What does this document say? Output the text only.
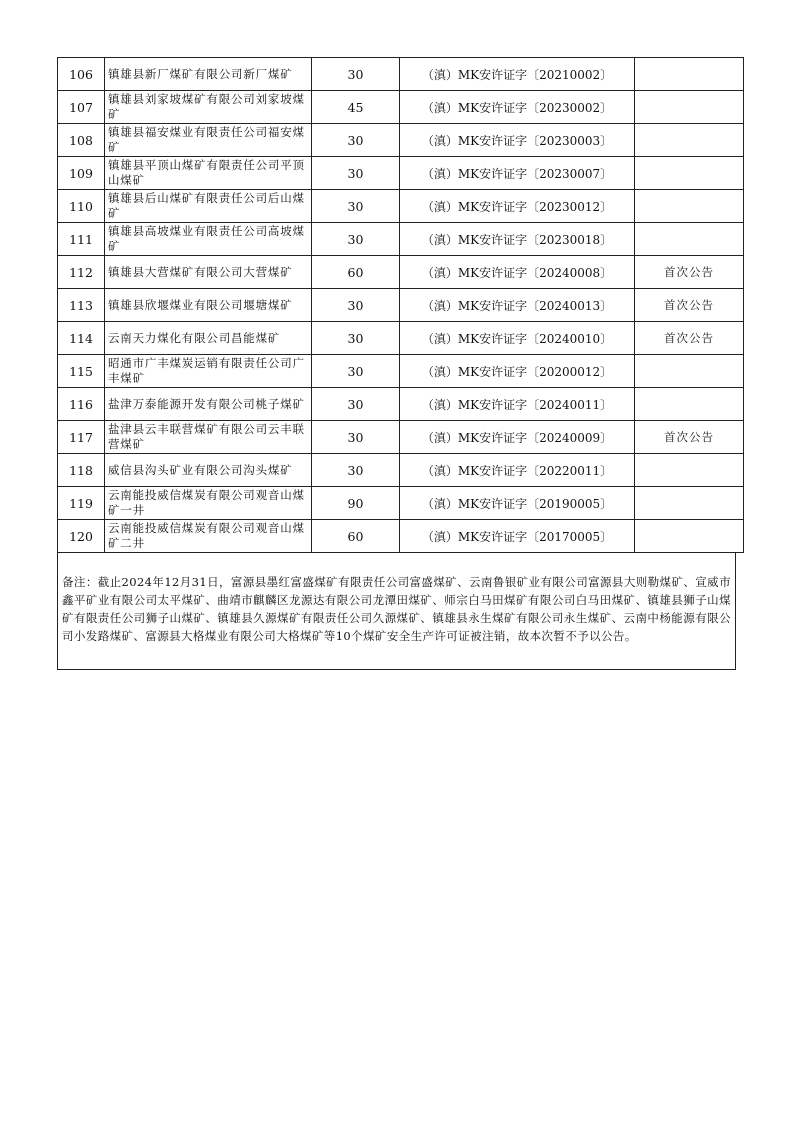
106	镇雄县新厂煤矿有限公司新厂煤矿	30	（滇）MK安许证字〔20210002〕	
107	镇雄县刘家坡煤矿有限公司刘家坡煤矿	45	（滇）MK安许证字〔20230002〕	
108	镇雄县福安煤业有限责任公司福安煤矿	30	（滇）MK安许证字〔20230003〕	
109	镇雄县平顶山煤矿有限责任公司平顶山煤矿	30	（滇）MK安许证字〔20230007〕	
110	镇雄县后山煤矿有限责任公司后山煤矿	30	（滇）MK安许证字〔20230012〕	
111	镇雄县高坡煤业有限责任公司高坡煤矿	30	（滇）MK安许证字〔20230018〕	
112	镇雄县大营煤矿有限公司大营煤矿	60	（滇）MK安许证字〔20240008〕	首次公告
113	镇雄县欣堰煤业有限公司堰塘煤矿	30	（滇）MK安许证字〔20240013〕	首次公告
114	云南天力煤化有限公司昌能煤矿	30	（滇）MK安许证字〔20240010〕	首次公告
115	昭通市广丰煤炭运销有限责任公司广丰煤矿	30	（滇）MK安许证字〔20200012〕	
116	盐津万泰能源开发有限公司桃子煤矿	30	（滇）MK安许证字〔20240011〕	
117	盐津县云丰联营煤矿有限公司云丰联营煤矿	30	（滇）MK安许证字〔20240009〕	首次公告
118	威信县沟头矿业有限公司沟头煤矿	30	（滇）MK安许证字〔20220011〕	
119	云南能投威信煤炭有限公司观音山煤矿一井	90	（滇）MK安许证字〔20190005〕	
120	云南能投威信煤炭有限公司观音山煤矿二井	60	（滇）MK安许证字〔20170005〕	

备注：截止2024年12月31日，富源县墨红富盛煤矿有限责任公司富盛煤矿、云南鲁银矿业有限公司富源县大则勒煤矿、宣威市鑫平矿业有限公司太平煤矿、曲靖市麒麟区龙源达有限公司龙潭田煤矿、师宗白马田煤矿有限公司白马田煤矿、镇雄县狮子山煤矿有限责任公司狮子山煤矿、镇雄县久源煤矿有限责任公司久源煤矿、镇雄县永生煤矿有限公司永生煤矿、云南中杨能源有限公司小发路煤矿、富源县大格煤业有限公司大格煤矿等10个煤矿安全生产许可证被注销，故本次暂不予以公告。
